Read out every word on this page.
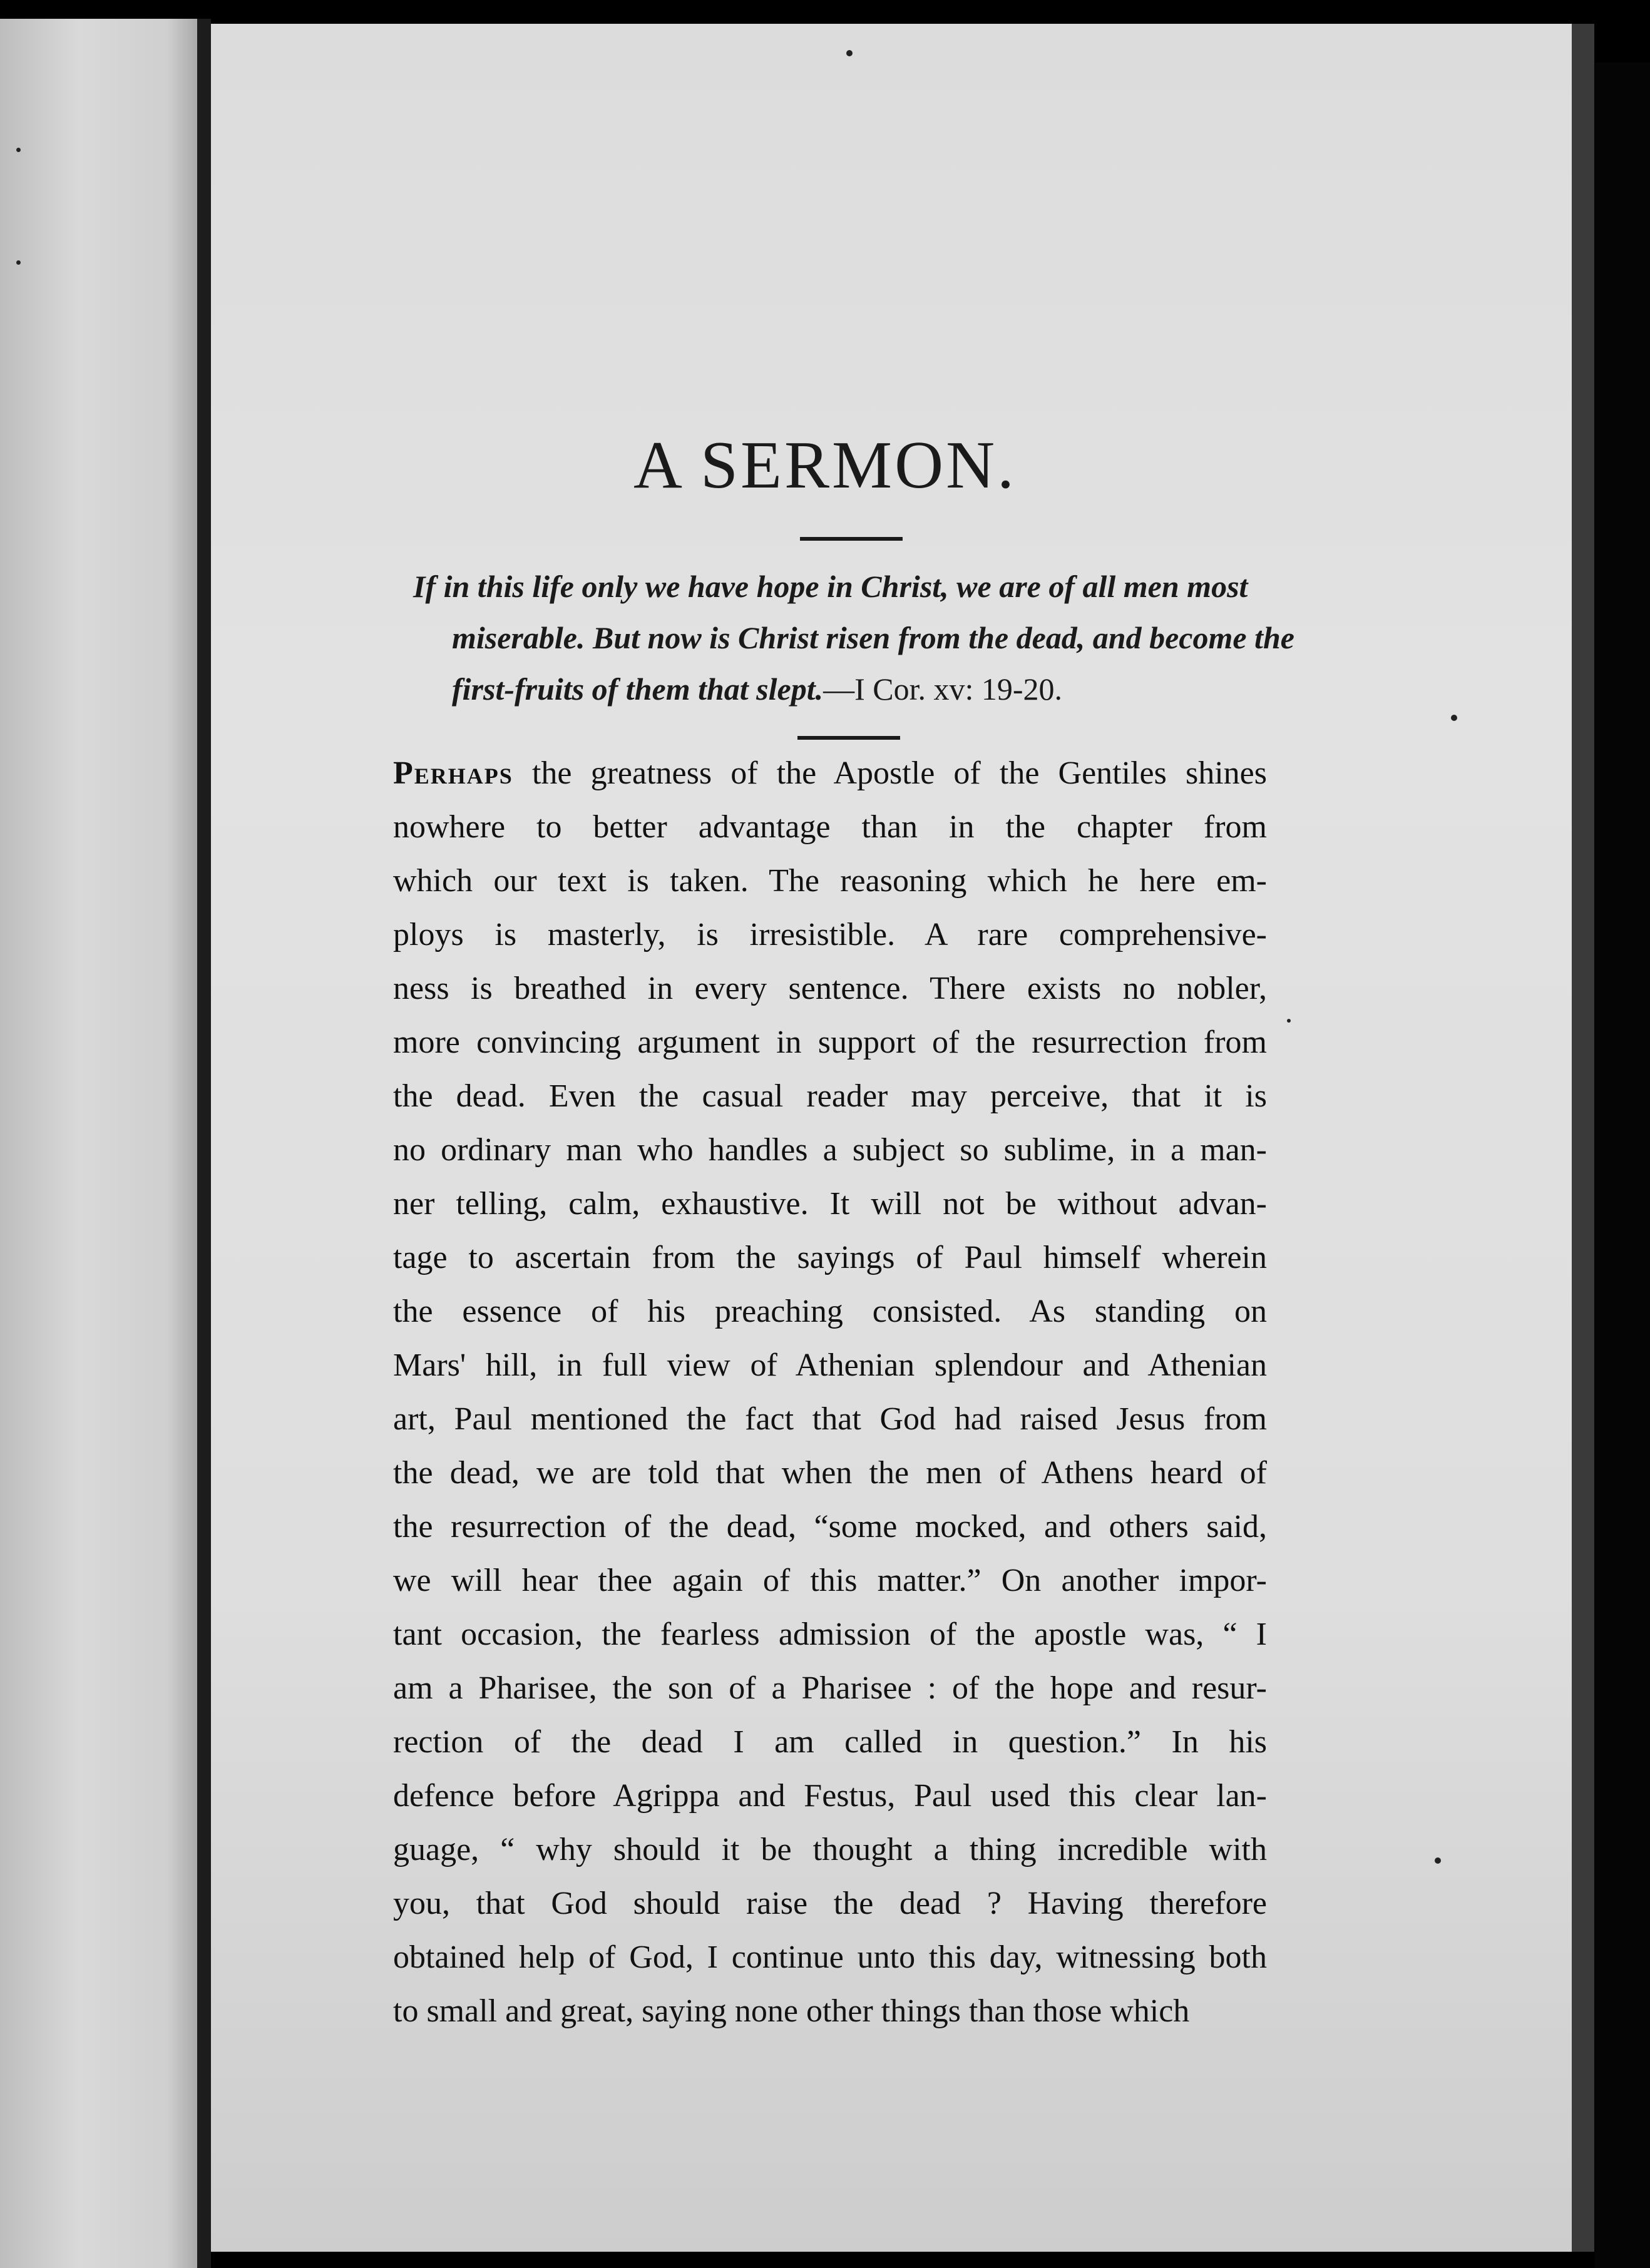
A SERMON.
If in this life only we have hope in Christ, we are of all men most
miserable. But now is Christ risen from the dead, and become the
first-fruits of them that slept.—I Cor. xv: 19-20.
Perhaps the greatness of the Apostle of the Gentiles shines
nowhere to better advantage than in the chapter from
which our text is taken. The reasoning which he here em-
ploys is masterly, is irresistible. A rare comprehensive-
ness is breathed in every sentence. There exists no nobler,
more convincing argument in support of the resurrection from
the dead. Even the casual reader may perceive, that it is
no ordinary man who handles a subject so sublime, in a man-
ner telling, calm, exhaustive. It will not be without advan-
tage to ascertain from the sayings of Paul himself wherein
the essence of his preaching consisted. As standing on
Mars' hill, in full view of Athenian splendour and Athenian
art, Paul mentioned the fact that God had raised Jesus from
the dead, we are told that when the men of Athens heard of
the resurrection of the dead, “some mocked, and others said,
we will hear thee again of this matter.” On another impor-
tant occasion, the fearless admission of the apostle was, “ I
am a Pharisee, the son of a Pharisee : of the hope and resur-
rection of the dead I am called in question.” In his
defence before Agrippa and Festus, Paul used this clear lan-
guage, “ why should it be thought a thing incredible with
you, that God should raise the dead ? Having therefore
obtained help of God, I continue unto this day, witnessing both
to small and great, saying none other things than those which
